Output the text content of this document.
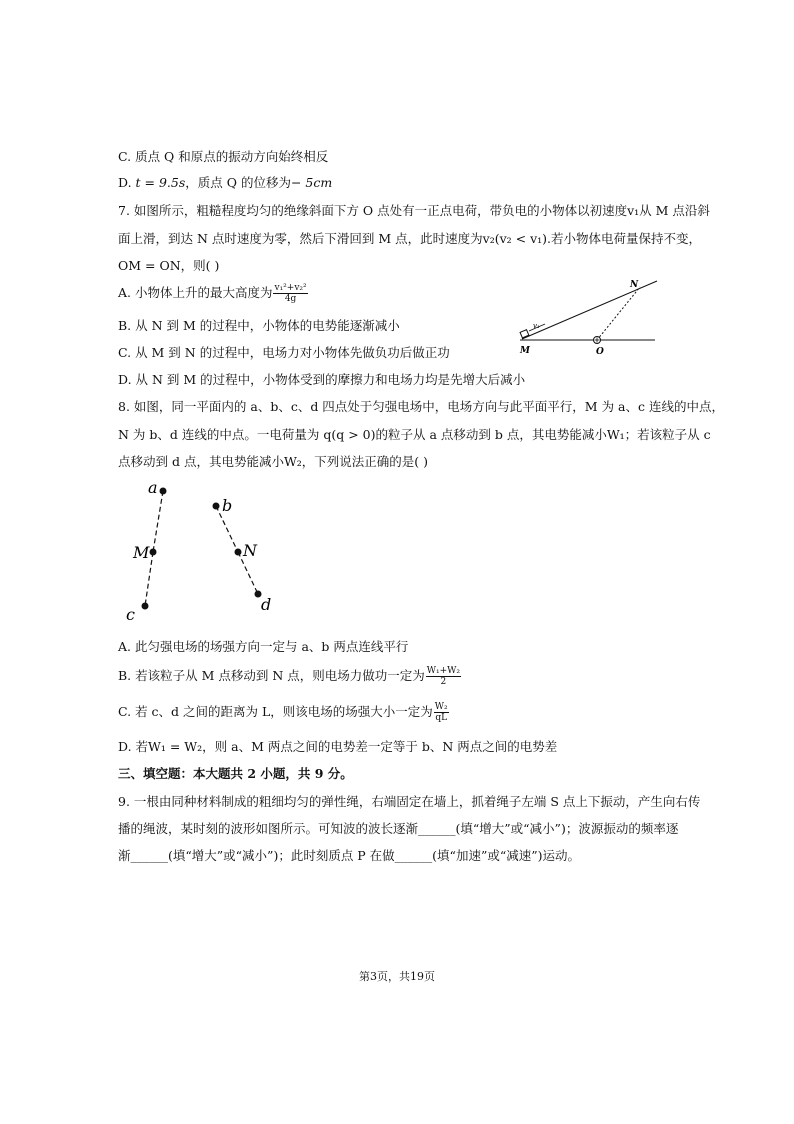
C. 质点 Q 和原点的振动方向始终相反
D. t = 9.5s，质点 Q 的位移为− 5cm
7. 如图所示，粗糙程度均匀的绝缘斜面下方 O 点处有一正点电荷，带负电的小物体以初速度v₁从 M 点沿斜
面上滑，到达 N 点时速度为零，然后下滑回到 M 点，此时速度为v₂(v₂ < v₁).若小物体电荷量保持不变，
OM = ON，则( )
A. 小物体上升的最大高度为 $\frac{\text{v₁²+v₂²}}{4g}$
B. 从 N 到 M 的过程中，小物体的电势能逐渐减小
C. 从 M 到 N 的过程中，电场力对小物体先做负功后做正功
D. 从 N 到 M 的过程中，小物体受到的摩擦力和电场力均是先增大后减小
N
M	O
v₁
8. 如图，同一平面内的 a、b、c、d 四点处于匀强电场中，电场方向与此平面平行，M 为 a、c 连线的中点，
N 为 b、d 连线的中点。一电荷量为 q(q > 0)的粒子从 a 点移动到 b 点，其电势能减小W₁；若该粒子从 c
点移动到 d 点，其电势能减小W₂，下列说法正确的是( )
a
M
c
b
N
d
A. 此匀强电场的场强方向一定与 a、b 两点连线平行
B. 若该粒子从 M 点移动到 N 点，则电场力做功一定为 $\frac{\text{W₁+W₂}}{2}$
C. 若 c、d 之间的距离为 L，则该电场的场强大小一定为 $\frac{\text{W₂}}{qL}$
D. 若W₁ = W₂，则 a、M 两点之间的电势差一定等于 b、N 两点之间的电势差
三、填空题：本大题共 2 小题，共 9 分。
9. 一根由同种材料制成的粗细均匀的弹性绳，右端固定在墙上，抓着绳子左端 S 点上下振动，产生向右传
播的绳波，某时刻的波形如图所示。可知波的波长逐渐______(填“增大”或“减小”)；波源振动的频率逐
渐______(填“增大”或“减小”)；此时刻质点 P 在做______(填“加速”或“减速”)运动。
第3页，共19页
